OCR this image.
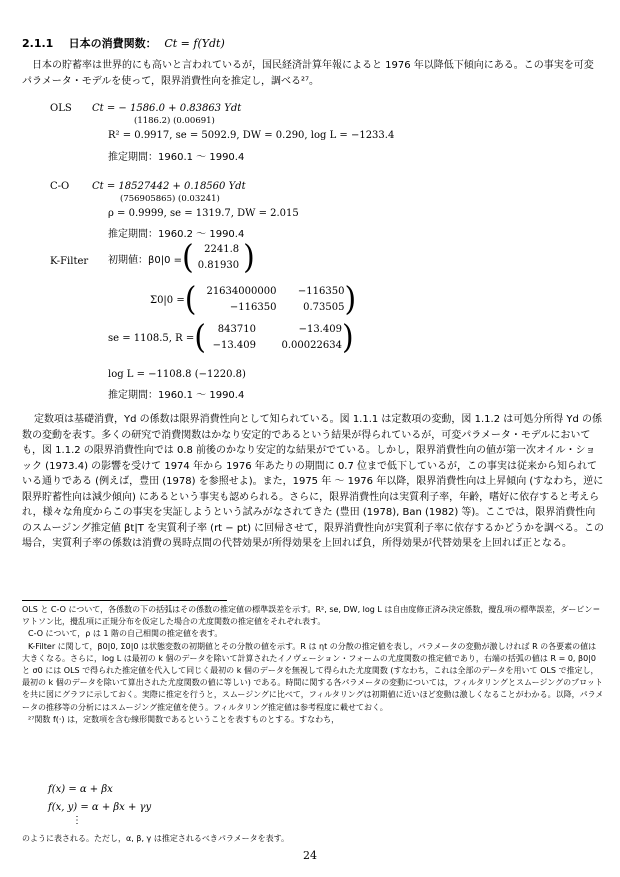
2.1.1 日本の消費関数： Ct = f(Ydt)
日本の貯蓄率は世界的にも高いと言われているが，国民経済計算年報によると 1976 年以降低下傾向にある。この事実を可変パラメータ・モデルを使って，限界消費性向を推定し，調べる²⁷。
OLS Ct = − 1586.0 + 0.83863 Ydt
(1186.2) (0.00691)
R² = 0.9917, se = 5092.9, DW = 0.290, log L = −1233.4
推定期間：1960.1 ～ 1990.4
C-O Ct = 18527442 + 0.18560 Ydt
(756905865) (0.03241)
ρ = 0.9999, se = 1319.7, DW = 2.015
推定期間：1960.2 ～ 1990.4
K-Filter 初期値：β0|0 = ( 2241.8
0.81930 )
Σ0|0 = (	21634000000	−116350
−116350	0.73505 )
se = 1108.5, R = (	843710	−13.409
−13.409	0.00022634 )
log L = −1108.8 (−1220.8)
推定期間：1960.1 ～ 1990.4
定数項は基礎消費，Yd の係数は限界消費性向として知られている。図 1.1.1 は定数項の変動，図 1.1.2 は可処分所得 Yd の係数の変動を表す。多くの研究で消費関数はかなり安定的であるという結果が得られているが，可変パラメータ・モデルにおいても，図 1.1.2 の限界消費性向では 0.8 前後のかなり安定的な結果がでている。しかし，限界消費性向の値が第一次オイル・ショック (1973.4) の影響を受けて 1974 年から 1976 年あたりの期間に 0.7 位まで低下しているが，この事実は従来から知られている通りである (例えば，豊田 (1978) を参照せよ)。また，1975 年 ～ 1976 年以降，限界消費性向は上昇傾向 (すなわち，逆に限界貯蓄性向は減少傾向) にあるという事実も認められる。さらに，限界消費性向は実質利子率，年齢，嗜好に依存すると考えられ，様々な角度からこの事実を実証しようという試みがなされてきた (豊田 (1978), Ban (1982) 等)。ここでは，限界消費性向のスムージング推定値 βt|T を実質利子率 (rt − pt) に回帰させて，限界消費性向が実質利子率に依存するかどうかを調べる。この場合，実質利子率の係数は消費の異時点間の代替効果が所得効果を上回れば負，所得効果が代替効果を上回れば正となる。
OLS と C-O について，各係数の下の括弧はその係数の推定値の標準誤差を示す。R², se, DW, log L は自由度修正済み決定係数，攪乱項の標準誤差，ダービン＝ワトソン比，攪乱項に正規分布を仮定した場合の尤度関数の推定値をそれぞれ表す。
C-O について，ρ は 1 階の自己相関の推定値を表す。
K-Filter に関して，β0|0, Σ0|0 は状態変数の初期値とその分散の値を示す。R は ηt の分散の推定値を表し，パラメータの変動が激しければ R の各要素の値は大きくなる。さらに，log L は最初の k 個のデータを除いて計算されたイノヴェーション・フォームの尤度関数の推定値であり，右端の括弧の値は R = 0, β0|0 と σ0 には OLS で得られた推定値を代入して同じく最初の k 個のデータを無視して得られた尤度関数 (すなわち，これは全部のデータを用いて OLS で推定し，最初の k 個のデータを除いて算出された尤度関数の値に等しい) である。時間に関する各パラメータの変動については，フィルタリングとスムージングのプロットを共に図にグラフに示しておく。実際に推定を行うと，スムージングに比べて，フィルタリングは初期値に近いほど変動は激しくなることがわかる。以降，パラメータの推移等の分析にはスムージング推定値を使う。フィルタリング推定値は参考程度に載せておく。
²⁷関数 f(·) は，定数項を含む線形関数であるということを表すものとする。すなわち，
f(x) = α + βx
f(x, y) = α + βx + γy
⋮
のように表される。ただし，α, β, γ は推定されるべきパラメータを表す。
24
